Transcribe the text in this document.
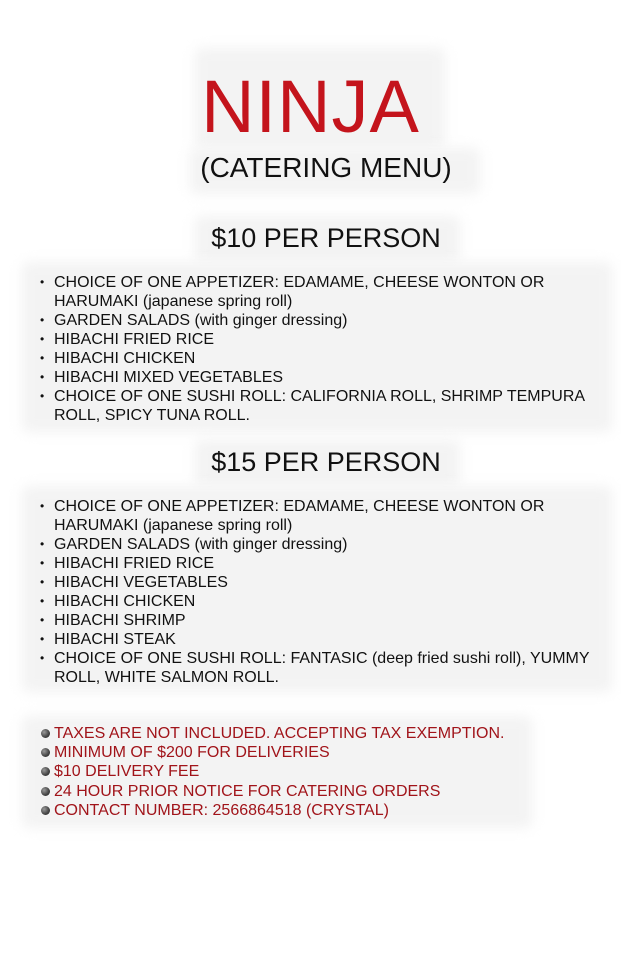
NINJA
(CATERING MENU)
$10 PER PERSON
• CHOICE OF ONE APPETIZER: EDAMAME, CHEESE WONTON OR HARUMAKI (japanese spring roll)
• GARDEN SALADS (with ginger dressing)
• HIBACHI FRIED RICE
• HIBACHI CHICKEN
• HIBACHI MIXED VEGETABLES
• CHOICE OF ONE SUSHI ROLL: CALIFORNIA ROLL, SHRIMP TEMPURA ROLL, SPICY TUNA ROLL.
$15 PER PERSON
• CHOICE OF ONE APPETIZER: EDAMAME, CHEESE WONTON OR HARUMAKI (japanese spring roll)
• GARDEN SALADS (with ginger dressing)
• HIBACHI FRIED RICE
• HIBACHI VEGETABLES
• HIBACHI CHICKEN
• HIBACHI SHRIMP
• HIBACHI STEAK
• CHOICE OF ONE SUSHI ROLL: FANTASIC (deep fried sushi roll), YUMMY ROLL, WHITE SALMON ROLL.
TAXES ARE NOT INCLUDED. ACCEPTING TAX EXEMPTION.
MINIMUM OF $200 FOR DELIVERIES
$10 DELIVERY FEE
24 HOUR PRIOR NOTICE FOR CATERING ORDERS
CONTACT NUMBER: 2566864518 (CRYSTAL)
